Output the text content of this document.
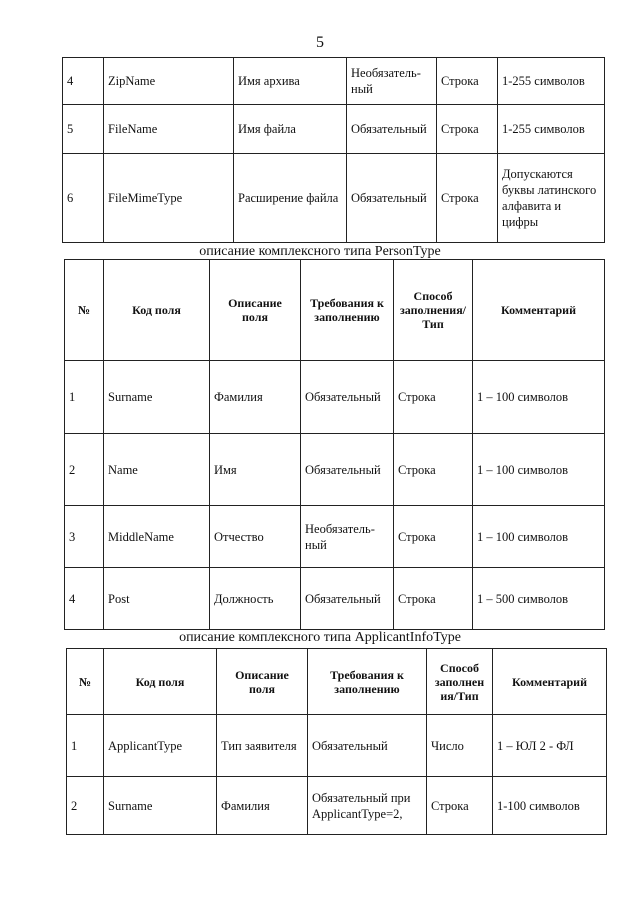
5
4	ZipName	Имя архива	Необязатель-ный	Строка	1-255 символов
5	FileName	Имя файла	Обязательный	Строка	1-255 символов
6	FileMimeType	Расширение файла	Обязательный	Строка	Допускаются буквы латинского алфавита и цифры
описание комплексного типа PersonType
№	Код поля	Описание поля	Требования к заполнению	Способ заполнения/ Тип	Комментарий
1	Surname	Фамилия	Обязательный	Строка	1 – 100 символов
2	Name	Имя	Обязательный	Строка	1 – 100 символов
3	MiddleName	Отчество	Необязатель-ный	Строка	1 – 100 символов
4	Post	Должность	Обязательный	Строка	1 – 500 символов
описание комплексного типа ApplicantInfoType
№	Код поля	Описание поля	Требования к заполнению	Способ заполнен ия/Тип	Комментарий
1	ApplicantType	Тип заявителя	Обязательный	Число	1 – ЮЛ 2 - ФЛ
2	Surname	Фамилия	Обязательный при ApplicantType=2,	Строка	1-100 символов
